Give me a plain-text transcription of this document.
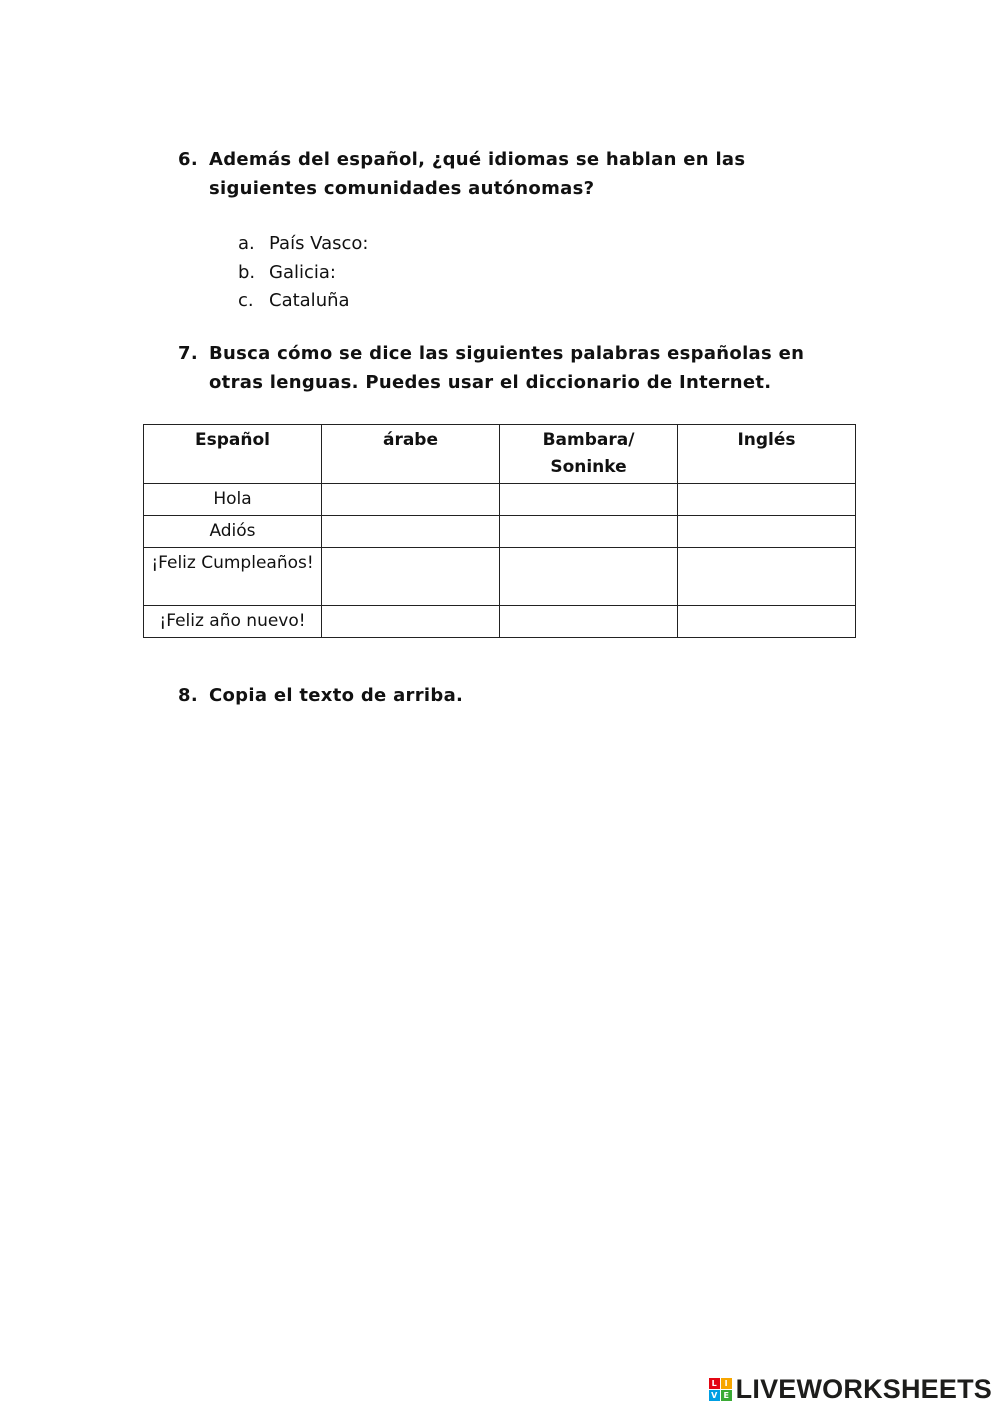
6. Además del español, ¿qué idiomas se hablan en las siguientes comunidades autónomas?
a. País Vasco:
b. Galicia:
c. Cataluña
7. Busca cómo se dice las siguientes palabras españolas en otras lenguas. Puedes usar el diccionario de Internet.
Español	árabe	Bambara/ Soninke	Inglés
Hola			
Adiós			
¡Feliz Cumpleaños!			
¡Feliz año nuevo!			
8. Copia el texto de arriba.
L I
V E LIVEWORKSHEETS
